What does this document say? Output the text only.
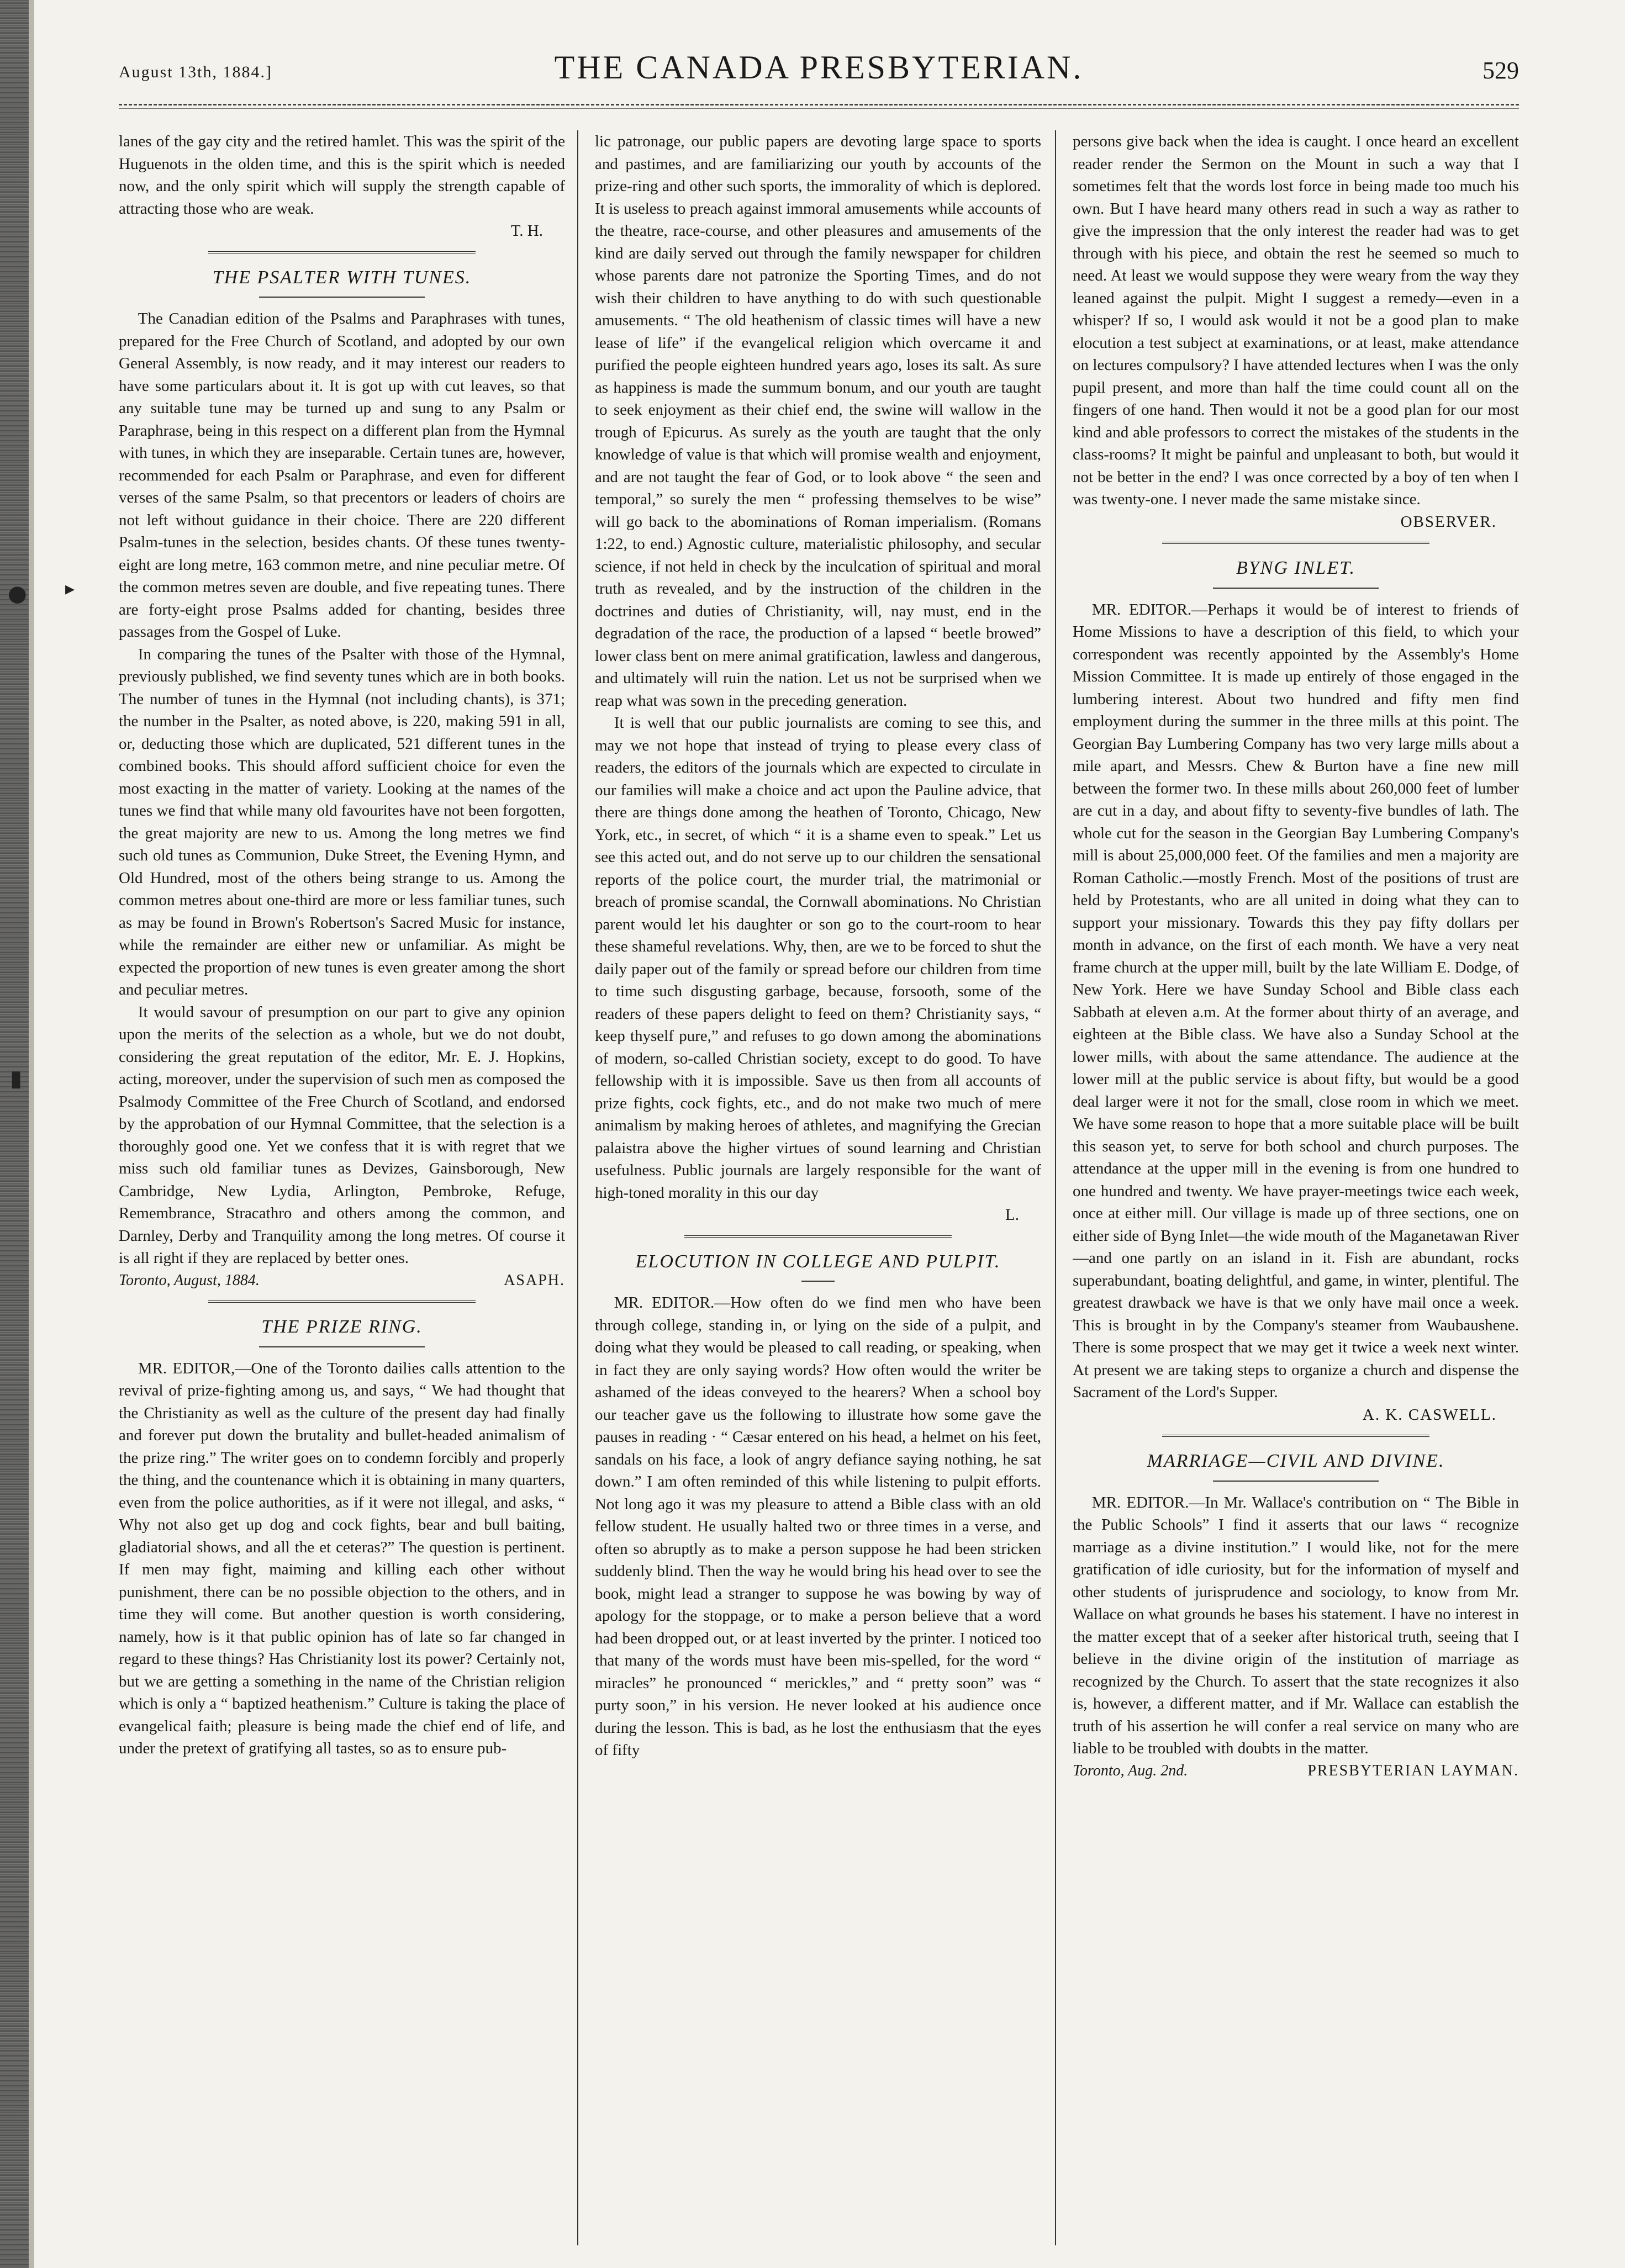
● ▸
▮
August 13th, 1884.]	THE CANADA PRESBYTERIAN.	529

lanes of the gay city and the retired hamlet. This was the spirit of the Huguenots in the olden time, and this is the spirit which is needed now, and the only spirit which will supply the strength capable of attracting those who are weak.

T. H.
THE PSALTER WITH TUNES.

The Canadian edition of the Psalms and Paraphrases with tunes, prepared for the Free Church of Scotland, and adopted by our own General Assembly, is now ready, and it may interest our readers to have some particulars about it. It is got up with cut leaves, so that any suitable tune may be turned up and sung to any Psalm or Paraphrase, being in this respect on a different plan from the Hymnal with tunes, in which they are inseparable. Certain tunes are, however, recommended for each Psalm or Paraphrase, and even for different verses of the same Psalm, so that precentors or leaders of choirs are not left without guidance in their choice. There are 220 different Psalm-tunes in the selection, besides chants. Of these tunes twenty-eight are long metre, 163 common metre, and nine peculiar metre. Of the common metres seven are double, and five repeating tunes. There are forty-eight prose Psalms added for chanting, besides three passages from the Gospel of Luke.

In comparing the tunes of the Psalter with those of the Hymnal, previously published, we find seventy tunes which are in both books. The number of tunes in the Hymnal (not including chants), is 371; the number in the Psalter, as noted above, is 220, making 591 in all, or, deducting those which are duplicated, 521 different tunes in the combined books. This should afford sufficient choice for even the most exacting in the matter of variety. Looking at the names of the tunes we find that while many old favourites have not been forgotten, the great majority are new to us. Among the long metres we find such old tunes as Communion, Duke Street, the Evening Hymn, and Old Hundred, most of the others being strange to us. Among the common metres about one-third are more or less familiar tunes, such as may be found in Brown's Robertson's Sacred Music for instance, while the remainder are either new or unfamiliar. As might be expected the proportion of new tunes is even greater among the short and peculiar metres.

It would savour of presumption on our part to give any opinion upon the merits of the selection as a whole, but we do not doubt, considering the great reputation of the editor, Mr. E. J. Hopkins, acting, moreover, under the supervision of such men as composed the Psalmody Committee of the Free Church of Scotland, and endorsed by the approbation of our Hymnal Committee, that the selection is a thoroughly good one. Yet we confess that it is with regret that we miss such old familiar tunes as Devizes, Gainsborough, New Cambridge, New Lydia, Arlington, Pembroke, Refuge, Remembrance, Stracathro and others among the common, and Darnley, Derby and Tranquility among the long metres. Of course it is all right if they are replaced by better ones.

Toronto, August, 1884.	ASAPH.
THE PRIZE RING.

MR. EDITOR,—One of the Toronto dailies calls attention to the revival of prize-fighting among us, and says, “ We had thought that the Christianity as well as the culture of the present day had finally and forever put down the brutality and bullet-headed animalism of the prize ring.” The writer goes on to condemn forcibly and properly the thing, and the countenance which it is obtaining in many quarters, even from the police authorities, as if it were not illegal, and asks, “ Why not also get up dog and cock fights, bear and bull baiting, gladiatorial shows, and all the et ceteras?” The question is pertinent. If men may fight, maiming and killing each other without punishment, there can be no possible objection to the others, and in time they will come. But another question is worth considering, namely, how is it that public opinion has of late so far changed in regard to these things? Has Christianity lost its power? Certainly not, but we are getting a something in the name of the Christian religion which is only a “ baptized heathenism.” Culture is taking the place of evangelical faith; pleasure is being made the chief end of life, and under the pretext of gratifying all tastes, so as to ensure pub-

lic patronage, our public papers are devoting large space to sports and pastimes, and are familiarizing our youth by accounts of the prize-ring and other such sports, the immorality of which is deplored. It is useless to preach against immoral amusements while accounts of the theatre, race-course, and other pleasures and amusements of the kind are daily served out through the family newspaper for children whose parents dare not patronize the Sporting Times, and do not wish their children to have anything to do with such questionable amusements. “ The old heathenism of classic times will have a new lease of life” if the evangelical religion which overcame it and purified the people eighteen hundred years ago, loses its salt. As sure as happiness is made the summum bonum, and our youth are taught to seek enjoyment as their chief end, the swine will wallow in the trough of Epicurus. As surely as the youth are taught that the only knowledge of value is that which will promise wealth and enjoyment, and are not taught the fear of God, or to look above “ the seen and temporal,” so surely the men “ professing themselves to be wise” will go back to the abominations of Roman imperialism. (Romans 1:22, to end.) Agnostic culture, materialistic philosophy, and secular science, if not held in check by the inculcation of spiritual and moral truth as revealed, and by the instruction of the children in the doctrines and duties of Christianity, will, nay must, end in the degradation of the race, the production of a lapsed “ beetle browed” lower class bent on mere animal gratification, lawless and dangerous, and ultimately will ruin the nation. Let us not be surprised when we reap what was sown in the preceding generation.

It is well that our public journalists are coming to see this, and may we not hope that instead of trying to please every class of readers, the editors of the journals which are expected to circulate in our families will make a choice and act upon the Pauline advice, that there are things done among the heathen of Toronto, Chicago, New York, etc., in secret, of which “ it is a shame even to speak.” Let us see this acted out, and do not serve up to our children the sensational reports of the police court, the murder trial, the matrimonial or breach of promise scandal, the Cornwall abominations. No Christian parent would let his daughter or son go to the court-room to hear these shameful revelations. Why, then, are we to be forced to shut the daily paper out of the family or spread before our children from time to time such disgusting garbage, because, forsooth, some of the readers of these papers delight to feed on them? Christianity says, “ keep thyself pure,” and refuses to go down among the abominations of modern, so-called Christian society, except to do good. To have fellowship with it is impossible. Save us then from all accounts of prize fights, cock fights, etc., and do not make two much of mere animalism by making heroes of athletes, and magnifying the Grecian palaistra above the higher virtues of sound learning and Christian usefulness. Public journals are largely responsible for the want of high-toned morality in this our day

L.
ELOCUTION IN COLLEGE AND PULPIT.

MR. EDITOR.—How often do we find men who have been through college, standing in, or lying on the side of a pulpit, and doing what they would be pleased to call reading, or speaking, when in fact they are only saying words? How often would the writer be ashamed of the ideas conveyed to the hearers? When a school boy our teacher gave us the following to illustrate how some gave the pauses in reading · “ Cæsar entered on his head, a helmet on his feet, sandals on his face, a look of angry defiance saying nothing, he sat down.” I am often reminded of this while listening to pulpit efforts. Not long ago it was my pleasure to attend a Bible class with an old fellow student. He usually halted two or three times in a verse, and often so abruptly as to make a person suppose he had been stricken suddenly blind. Then the way he would bring his head over to see the book, might lead a stranger to suppose he was bowing by way of apology for the stoppage, or to make a person believe that a word had been dropped out, or at least inverted by the printer. I noticed too that many of the words must have been mis-spelled, for the word “ miracles” he pronounced “ merickles,” and “ pretty soon” was “ purty soon,” in his version. He never looked at his audience once during the lesson. This is bad, as he lost the enthusiasm that the eyes of fifty

persons give back when the idea is caught. I once heard an excellent reader render the Sermon on the Mount in such a way that I sometimes felt that the words lost force in being made too much his own. But I have heard many others read in such a way as rather to give the impression that the only interest the reader had was to get through with his piece, and obtain the rest he seemed so much to need. At least we would suppose they were weary from the way they leaned against the pulpit. Might I suggest a remedy—even in a whisper? If so, I would ask would it not be a good plan to make elocution a test subject at examinations, or at least, make attendance on lectures compulsory? I have attended lectures when I was the only pupil present, and more than half the time could count all on the fingers of one hand. Then would it not be a good plan for our most kind and able professors to correct the mistakes of the students in the class-rooms? It might be painful and unpleasant to both, but would it not be better in the end? I was once corrected by a boy of ten when I was twenty-one. I never made the same mistake since.

OBSERVER.
BYNG INLET.

MR. EDITOR.—Perhaps it would be of interest to friends of Home Missions to have a description of this field, to which your correspondent was recently appointed by the Assembly's Home Mission Committee. It is made up entirely of those engaged in the lumbering interest. About two hundred and fifty men find employment during the summer in the three mills at this point. The Georgian Bay Lumbering Company has two very large mills about a mile apart, and Messrs. Chew & Burton have a fine new mill between the former two. In these mills about 260,000 feet of lumber are cut in a day, and about fifty to seventy-five bundles of lath. The whole cut for the season in the Georgian Bay Lumbering Company's mill is about 25,000,000 feet. Of the families and men a majority are Roman Catholic.—mostly French. Most of the positions of trust are held by Protestants, who are all united in doing what they can to support your missionary. Towards this they pay fifty dollars per month in advance, on the first of each month. We have a very neat frame church at the upper mill, built by the late William E. Dodge, of New York. Here we have Sunday School and Bible class each Sabbath at eleven a.m. At the former about thirty of an average, and eighteen at the Bible class. We have also a Sunday School at the lower mills, with about the same attendance. The audience at the lower mill at the public service is about fifty, but would be a good deal larger were it not for the small, close room in which we meet. We have some reason to hope that a more suitable place will be built this season yet, to serve for both school and church purposes. The attendance at the upper mill in the evening is from one hundred to one hundred and twenty. We have prayer-meetings twice each week, once at either mill. Our village is made up of three sections, one on either side of Byng Inlet—the wide mouth of the Maganetawan River—and one partly on an island in it. Fish are abundant, rocks superabundant, boating delightful, and game, in winter, plentiful. The greatest drawback we have is that we only have mail once a week. This is brought in by the Company's steamer from Waubaushene. There is some prospect that we may get it twice a week next winter. At present we are taking steps to organize a church and dispense the Sacrament of the Lord's Supper.

A. K. CASWELL.
MARRIAGE—CIVIL AND DIVINE.

MR. EDITOR.—In Mr. Wallace's contribution on “ The Bible in the Public Schools” I find it asserts that our laws “ recognize marriage as a divine institution.” I would like, not for the mere gratification of idle curiosity, but for the information of myself and other students of jurisprudence and sociology, to know from Mr. Wallace on what grounds he bases his statement. I have no interest in the matter except that of a seeker after historical truth, seeing that I believe in the divine origin of the institution of marriage as recognized by the Church. To assert that the state recognizes it also is, however, a different matter, and if Mr. Wallace can establish the truth of his assertion he will confer a real service on many who are liable to be troubled with doubts in the matter.

Toronto, Aug. 2nd.	PRESBYTERIAN LAYMAN.
